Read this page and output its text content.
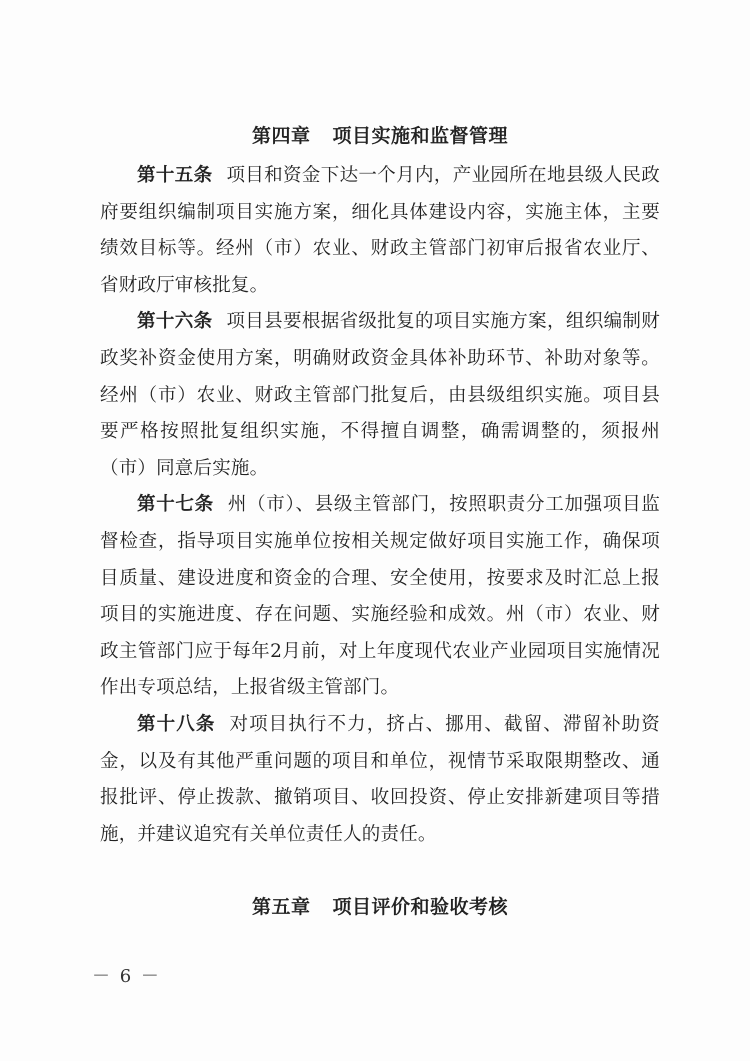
第四章 项目实施和监督管理

第十五条 项目和资金下达一个月内，产业园所在地县级人民政府要组织编制项目实施方案，细化具体建设内容，实施主体，主要绩效目标等。经州（市）农业、财政主管部门初审后报省农业厅、省财政厅审核批复。

第十六条 项目县要根据省级批复的项目实施方案，组织编制财政奖补资金使用方案，明确财政资金具体补助环节、补助对象等。经州（市）农业、财政主管部门批复后，由县级组织实施。项目县要严格按照批复组织实施，不得擅自调整，确需调整的，须报州（市）同意后实施。

第十七条 州（市）、县级主管部门，按照职责分工加强项目监督检查，指导项目实施单位按相关规定做好项目实施工作，确保项目质量、建设进度和资金的合理、安全使用，按要求及时汇总上报项目的实施进度、存在问题、实施经验和成效。州（市）农业、财政主管部门应于每年2月前，对上年度现代农业产业园项目实施情况作出专项总结，上报省级主管部门。

第十八条 对项目执行不力，挤占、挪用、截留、滞留补助资金，以及有其他严重问题的项目和单位，视情节采取限期整改、通报批评、停止拨款、撤销项目、收回投资、停止安排新建项目等措施，并建议追究有关单位责任人的责任。

第五章 项目评价和验收考核
－ 6 －
